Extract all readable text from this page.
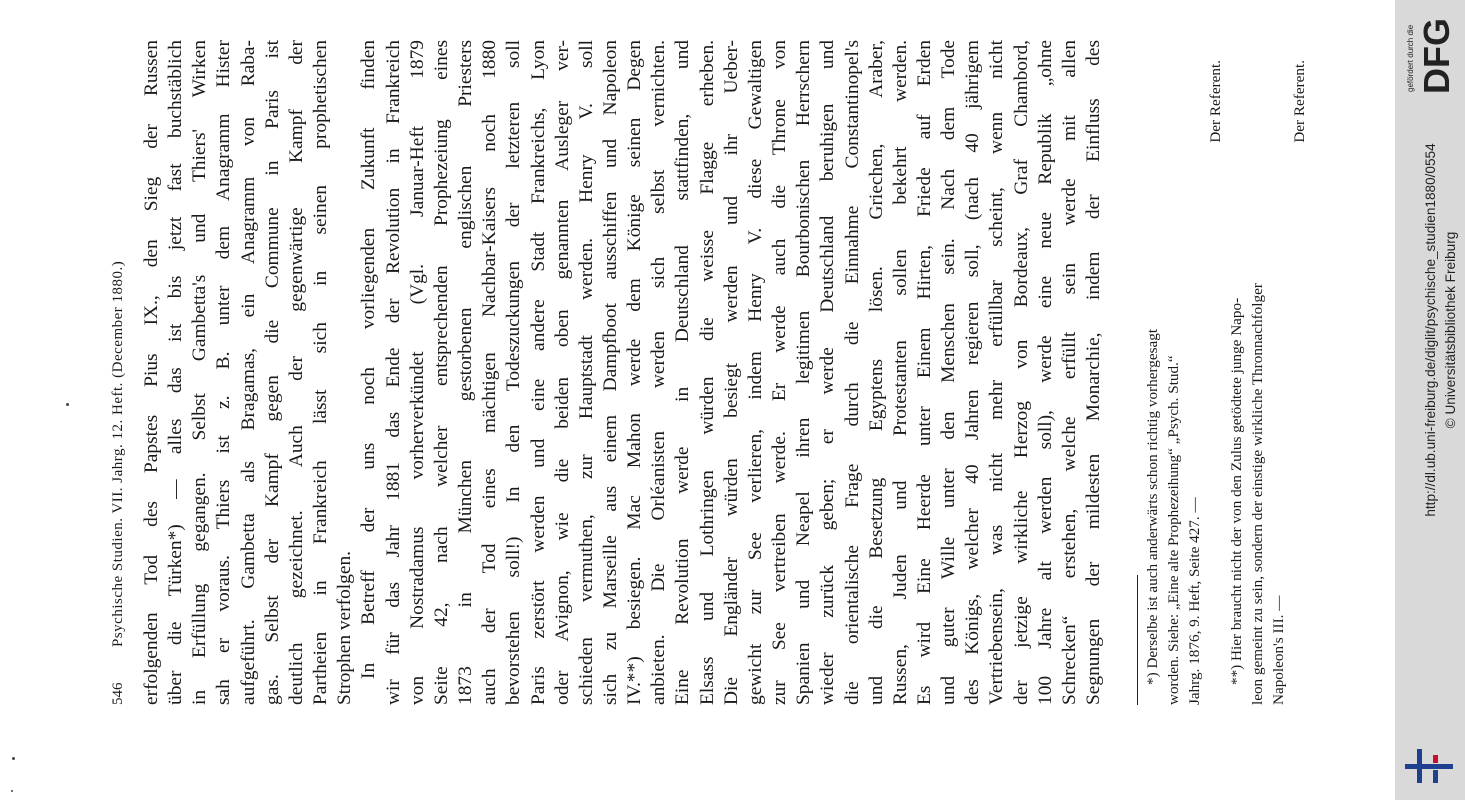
546
Psychische Studien. VII. Jahrg. 12. Heft. (December 1880.) erfolgenden Tod des Papstes Pius IX., den Sieg der Russen über die Türken*) — alles das ist bis jetzt fast buchstäblich in Erfüllung gegangen. Selbst Gambetta's und Thiers' Wirken sah er voraus. Thiers ist z. B. unter dem Anagramm Hister aufgeführt. Gambetta als Bragamas, ein Anagramm von Raba- gas. Selbst der Kampf gegen die Commune in Paris ist deutlich gezeichnet. Auch der gegenwärtige Kampf der Partheien in Frankreich lässt sich in seinen prophetischen Strophen verfolgen. In Betreff der uns noch vorliegenden Zukunft finden wir für das Jahr 1881 das Ende der Revolution in Frankreich von Nostradamus vorherverkündet (Vgl. Januar-Heft 1879 Seite 42, nach welcher entsprechenden Prophezeiung eines 1873 in München gestorbenen englischen Priesters auch der Tod eines mächtigen Nachbar-Kaisers noch 1880 bevorstehen soll!) In den Todeszuckungen der letzteren soll Paris zerstört werden und eine andere Stadt Frankreichs, Lyon oder Avignon, wie die beiden oben genannten Ausleger ver- schieden vermuthen, zur Hauptstadt werden. Henry V. soll sich zu Marseille aus einem Dampfboot ausschiffen und Napoleon IV.**) besiegen. Mac Mahon werde dem Könige seinen Degen anbieten. Die Orléanisten werden sich selbst vernichten. Eine Revolution werde in Deutschland stattfinden, und Elsass und Lothringen würden die weisse Flagge erheben. Die Engländer würden besiegt werden und ihr Ueber- gewicht zur See verlieren, indem Henry V. diese Gewaltigen zur See vertreiben werde. Er werde auch die Throne von Spanien und Neapel ihren legitimen Bourbonischen Herrschern wieder zurück geben; er werde Deutschland beruhigen und die orientalische Frage durch die Einnahme Constantinopel's und die Besetzung Egyptens lösen. Griechen, Araber, Russen, Juden und Protestanten sollen bekehrt werden. Es wird Eine Heerde unter Einem Hirten, Friede auf Erden und guter Wille unter den Menschen sein. Nach dem Tode des Königs, welcher 40 Jahren regieren soll, (nach 40 jährigem Vertriebensein, was nicht mehr erfüllbar scheint, wenn nicht der jetzige wirkliche Herzog von Bordeaux, Graf Chambord, 100 Jahre alt werden soll), werde eine neue Republik „ohne Schrecken“ erstehen, welche erfüllt sein werde mit allen Segnungen der mildesten Monarchie, indem der Einfluss des	*) Derselbe ist auch anderwärts schon richtig vorhergesagt worden. Siehe: „Eine alte Prophezeihung“ „Psych. Stud.“ Jahrg. 1876, 9. Heft, Seite 427. —
Der Referent.
**) Hier braucht nicht der von den Zulus getödtete junge Napo- leon gemeint zu sein, sondern der einstige wirkliche Thronnachfolger Napoleon's III. —
Der Referent.
gefördert durch die DFG
http://dl.ub.uni-freiburg.de/diglit/psychische_studien1880/0554 © Universitätsbibliothek Freiburg
